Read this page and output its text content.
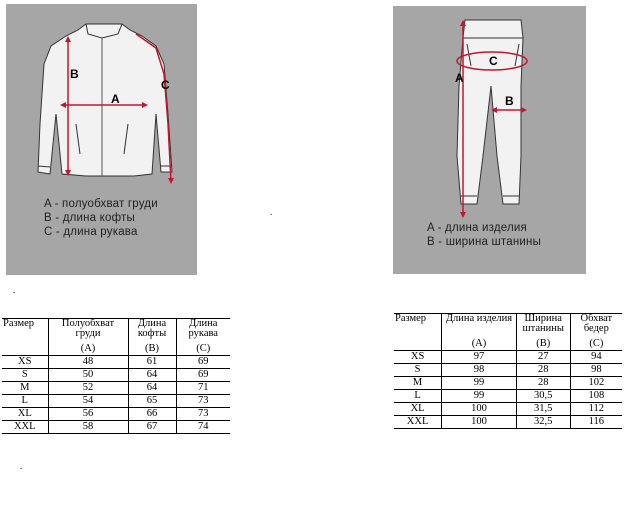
B
A
C
A - полуобхват груди
B - длина кофты
C - длина рукава
C
A
B
A - длина изделия
B - ширина штанины
.
.
.
Размер	Полуобхват груди	Длина кофты	Длина рукава
	(A)	(B)	(C)
XS	48	61	69
S	50	64	69
M	52	64	71
L	54	65	73
XL	56	66	73
XXL	58	67	74
Размер	Длина изделия	Ширина штанины	Обхват бедер
	(A)	(B)	(C)
XS	97	27	94
S	98	28	98
M	99	28	102
L	99	30,5	108
XL	100	31,5	112
XXL	100	32,5	116
